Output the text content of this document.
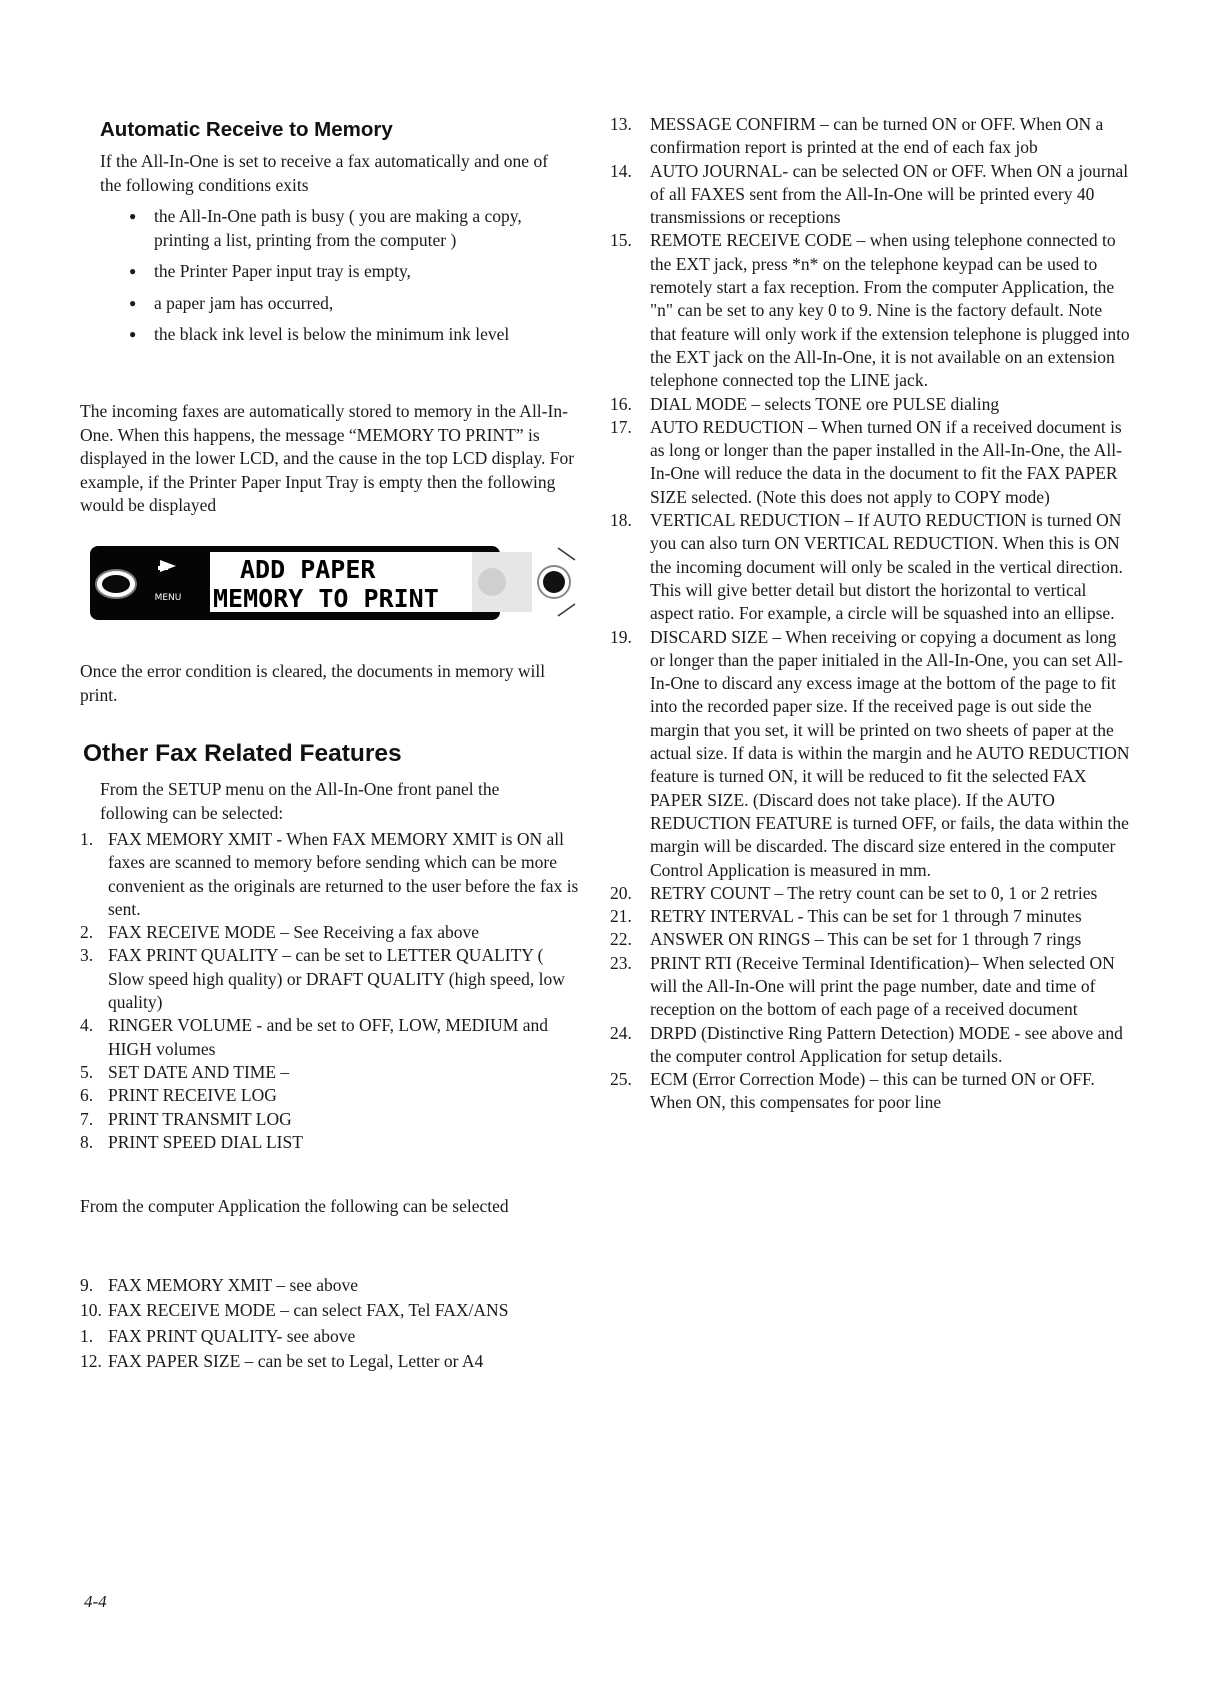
Automatic Receive to Memory

If the All-In-One is set to receive a fax automatically and one of the following conditions exits

● the All-In-One path is busy ( you are making a copy, printing a list, printing from the computer )
● the Printer Paper input tray is empty,
● a paper jam has occurred,
● the black ink level is below the minimum ink level

The incoming faxes are automatically stored to memory in the All-In-One. When this happens, the message “MEMORY TO PRINT” is displayed in the lower LCD, and the cause in the top LCD display. For example, if the Printer Paper Input Tray is empty then the following would be displayed

MENU
ADD PAPER
MEMORY TO PRINT

Once the error condition is cleared, the documents in memory will print.

Other Fax Related Features

From the SETUP menu on the All-In-One front panel the following can be selected:

1. FAX MEMORY XMIT - When FAX MEMORY XMIT is ON all faxes are scanned to memory before sending which can be more convenient as the originals are returned to the user before the fax is sent.
2. FAX RECEIVE MODE – See Receiving a fax above
3. FAX PRINT QUALITY – can be set to LETTER QUALITY ( Slow speed high quality) or DRAFT QUALITY (high speed, low quality)
4. RINGER VOLUME - and be set to OFF, LOW, MEDIUM and HIGH volumes
5. SET DATE AND TIME –
6. PRINT RECEIVE LOG
7. PRINT TRANSMIT LOG
8. PRINT SPEED DIAL LIST

From the computer Application the following can be selected

9. FAX MEMORY XMIT – see above
10. FAX RECEIVE MODE – can select FAX, Tel FAX/ANS
1. FAX PRINT QUALITY- see above
12. FAX PAPER SIZE – can be set to Legal, Letter or A4
13. MESSAGE CONFIRM – can be turned ON or OFF. When ON a confirmation report is printed at the end of each fax job
14. AUTO JOURNAL- can be selected ON or OFF. When ON a journal of all FAXES sent from the All-In-One will be printed every 40 transmissions or receptions
15. REMOTE RECEIVE CODE – when using telephone connected to the EXT jack, press *n* on the telephone keypad can be used to remotely start a fax reception. From the computer Application, the "n" can be set to any key 0 to 9. Nine is the factory default. Note that feature will only work if the extension telephone is plugged into the EXT jack on the All-In-One, it is not available on an extension telephone connected top the LINE jack.
16. DIAL MODE – selects TONE ore PULSE dialing
17. AUTO REDUCTION – When turned ON if a received document is as long or longer than the paper installed in the All-In-One, the All-In-One will reduce the data in the document to fit the FAX PAPER SIZE selected. (Note this does not apply to COPY mode)
18. VERTICAL REDUCTION – If AUTO REDUCTION is turned ON you can also turn ON VERTICAL REDUCTION. When this is ON the incoming document will only be scaled in the vertical direction. This will give better detail but distort the horizontal to vertical aspect ratio. For example, a circle will be squashed into an ellipse.
19. DISCARD SIZE – When receiving or copying a document as long or longer than the paper initialed in the All-In-One, you can set All-In-One to discard any excess image at the bottom of the page to fit into the recorded paper size. If the received page is out side the margin that you set, it will be printed on two sheets of paper at the actual size. If data is within the margin and he AUTO REDUCTION feature is turned ON, it will be reduced to fit the selected FAX PAPER SIZE. (Discard does not take place). If the AUTO REDUCTION FEATURE is turned OFF, or fails, the data within the margin will be discarded. The discard size entered in the computer Control Application is measured in mm.
20. RETRY COUNT – The retry count can be set to 0, 1 or 2 retries
21. RETRY INTERVAL - This can be set for 1 through 7 minutes
22. ANSWER ON RINGS – This can be set for 1 through 7 rings
23. PRINT RTI (Receive Terminal Identification)– When selected ON will the All-In-One will print the page number, date and time of reception on the bottom of each page of a received document
24. DRPD (Distinctive Ring Pattern Detection) MODE - see above and the computer control Application for setup details.
25. ECM (Error Correction Mode) – this can be turned ON or OFF. When ON, this compensates for poor line
4-4
